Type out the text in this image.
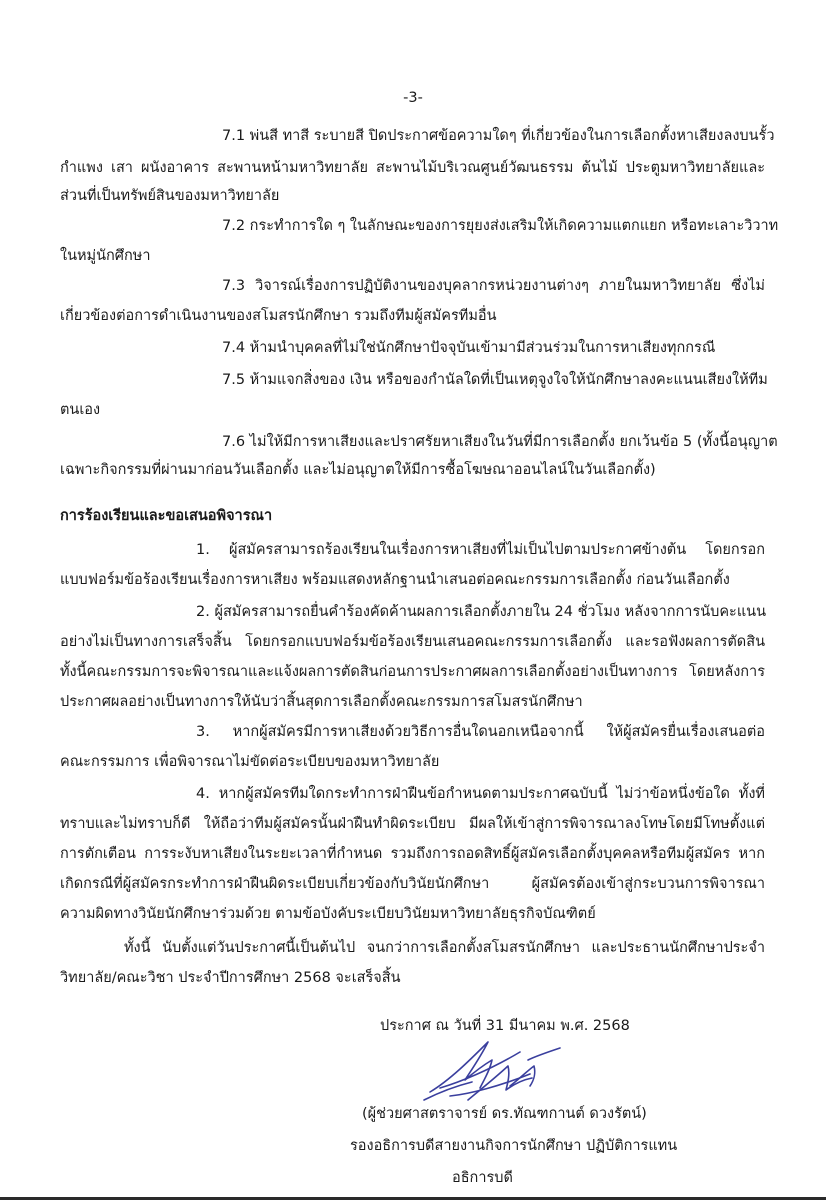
-3-
7.1 พ่นสี ทาสี ระบายสี ปิดประกาศข้อความใดๆ ที่เกี่ยวข้องในการเลือกตั้งหาเสียงลงบนรั้ว
กำแพง เสา ผนังอาคาร สะพานหน้ามหาวิทยาลัย สะพานไม้บริเวณศูนย์วัฒนธรรม ต้นไม้ ประตูมหาวิทยาลัยและ
ส่วนที่เป็นทรัพย์สินของมหาวิทยาลัย
7.2 กระทำการใด ๆ ในลักษณะของการยุยงส่งเสริมให้เกิดความแตกแยก หรือทะเลาะวิวาท
ในหมู่นักศึกษา
7.3 วิจารณ์เรื่องการปฏิบัติงานของบุคลากรหน่วยงานต่างๆ ภายในมหาวิทยาลัย ซึ่งไม่
เกี่ยวข้องต่อการดำเนินงานของสโมสรนักศึกษา รวมถึงทีมผู้สมัครทีมอื่น
7.4 ห้ามนำบุคคลที่ไม่ใช่นักศึกษาปัจจุบันเข้ามามีส่วนร่วมในการหาเสียงทุกกรณี
7.5 ห้ามแจกสิ่งของ เงิน หรือของกำนัลใดที่เป็นเหตุจูงใจให้นักศึกษาลงคะแนนเสียงให้ทีม
ตนเอง
7.6 ไม่ให้มีการหาเสียงและปราศรัยหาเสียงในวันที่มีการเลือกตั้ง ยกเว้นข้อ 5 (ทั้งนี้อนุญาต
เฉพาะกิจกรรมที่ผ่านมาก่อนวันเลือกตั้ง และไม่อนุญาตให้มีการซื้อโฆษณาออนไลน์ในวันเลือกตั้ง)
การร้องเรียนและขอเสนอพิจารณา
1. ผู้สมัครสามารถร้องเรียนในเรื่องการหาเสียงที่ไม่เป็นไปตามประกาศข้างต้น โดยกรอก
แบบฟอร์มข้อร้องเรียนเรื่องการหาเสียง พร้อมแสดงหลักฐานนำเสนอต่อคณะกรรมการเลือกตั้ง ก่อนวันเลือกตั้ง
2. ผู้สมัครสามารถยื่นคำร้องคัดค้านผลการเลือกตั้งภายใน 24 ชั่วโมง หลังจากการนับคะแนน
อย่างไม่เป็นทางการเสร็จสิ้น โดยกรอกแบบฟอร์มข้อร้องเรียนเสนอคณะกรรมการเลือกตั้ง และรอฟังผลการตัดสิน
ทั้งนี้คณะกรรมการจะพิจารณาและแจ้งผลการตัดสินก่อนการประกาศผลการเลือกตั้งอย่างเป็นทางการ โดยหลังการ
ประกาศผลอย่างเป็นทางการให้นับว่าสิ้นสุดการเลือกตั้งคณะกรรมการสโมสรนักศึกษา
3. หากผู้สมัครมีการหาเสียงด้วยวิธีการอื่นใดนอกเหนือจากนี้ ให้ผู้สมัครยื่นเรื่องเสนอต่อ
คณะกรรมการ เพื่อพิจารณาไม่ขัดต่อระเบียบของมหาวิทยาลัย
4. หากผู้สมัครทีมใดกระทำการฝ่าฝืนข้อกำหนดตามประกาศฉบับนี้ ไม่ว่าข้อหนึ่งข้อใด ทั้งที่
ทราบและไม่ทราบก็ดี ให้ถือว่าทีมผู้สมัครนั้นฝ่าฝืนทำผิดระเบียบ มีผลให้เข้าสู่การพิจารณาลงโทษโดยมีโทษตั้งแต่
การตักเตือน การระงับหาเสียงในระยะเวลาที่กำหนด รวมถึงการถอดสิทธิ์ผู้สมัครเลือกตั้งบุคคลหรือทีมผู้สมัคร หาก
เกิดกรณีที่ผู้สมัครกระทำการฝ่าฝืนผิดระเบียบเกี่ยวข้องกับวินัยนักศึกษา ผู้สมัครต้องเข้าสู่กระบวนการพิจารณา
ความผิดทางวินัยนักศึกษาร่วมด้วย ตามข้อบังคับระเบียบวินัยมหาวิทยาลัยธุรกิจบัณฑิตย์
ทั้งนี้ นับตั้งแต่วันประกาศนี้เป็นต้นไป จนกว่าการเลือกตั้งสโมสรนักศึกษา และประธานนักศึกษาประจำ
วิทยาลัย/คณะวิชา ประจำปีการศึกษา 2568 จะเสร็จสิ้น
ประกาศ ณ วันที่ 31 มีนาคม พ.ศ. 2568
(ผู้ช่วยศาสตราจารย์ ดร.ทัณฑกานต์ ดวงรัตน์)
รองอธิการบดีสายงานกิจการนักศึกษา ปฏิบัติการแทน
อธิการบดี
